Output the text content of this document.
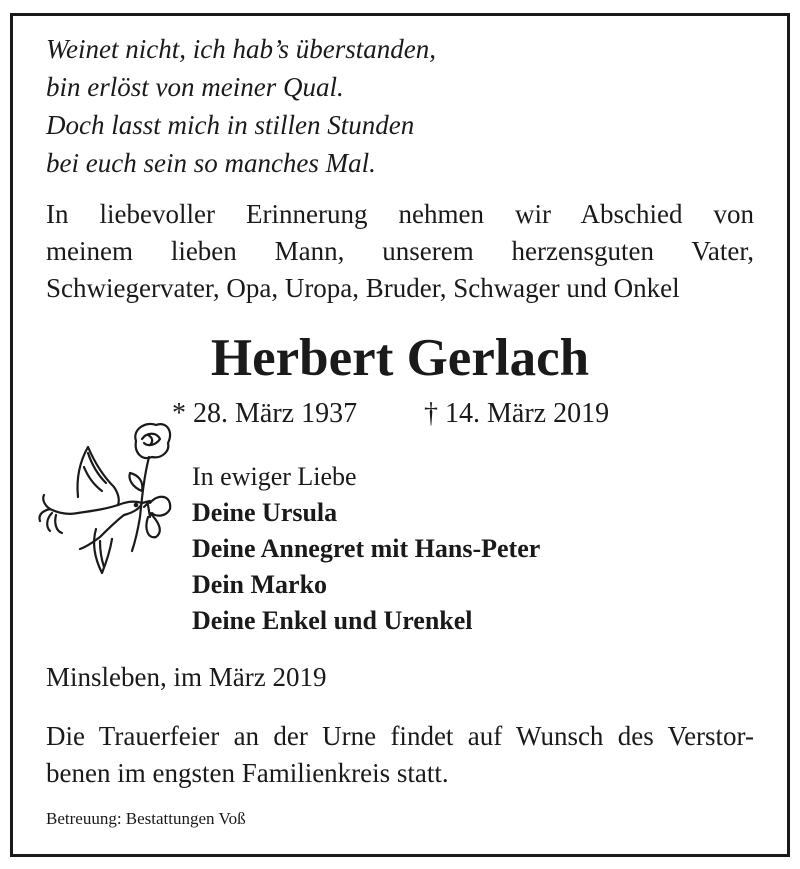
Weinet nicht, ich hab’s überstanden,
bin erlöst von meiner Qual.
Doch lasst mich in stillen Stunden
bei euch sein so manches Mal.
In liebevoller Erinnerung nehmen wir Abschied von
meinem lieben Mann, unserem herzensguten Vater,
Schwiegervater, Opa, Uropa, Bruder, Schwager und Onkel
Herbert Gerlach
* 28. März 1937 † 14. März 2019
In ewiger Liebe
Deine Ursula
Deine Annegret mit Hans-Peter
Dein Marko
Deine Enkel und Urenkel
Minsleben, im März 2019
Die Trauerfeier an der Urne findet auf Wunsch des Verstor-
benen im engsten Familienkreis statt.
Betreuung: Bestattungen Voß
